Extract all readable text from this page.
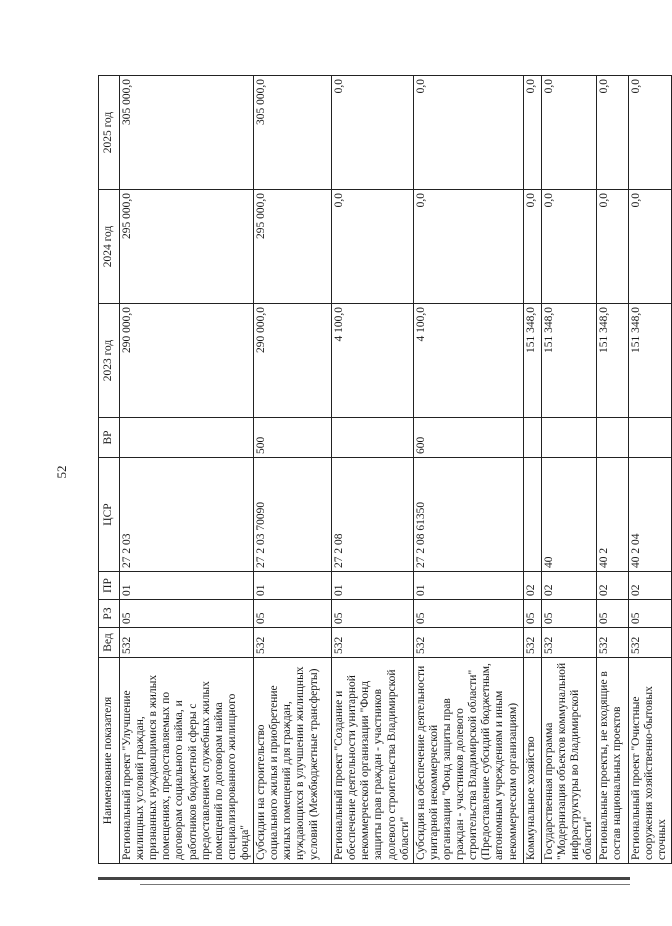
52
Наименование показателя	Вед	РЗ	ПР	ЦСР	ВР	2023 год	2024 год	2025 год
Региональный проект "Улучшение жилищных условий граждан, признанных нуждающимися в жилых помещениях, предоставляемых по договорам социального найма, и работников бюджетной сферы с предоставлением служебных жилых помещений по договорам найма специализированного жилищного фонда"	532	05	01	27 2 03		290 000,0	295 000,0	305 000,0
Субсидии на строительство социального жилья и приобретение жилых помещений для граждан, нуждающихся в улучшении жилищных условий (Межбюджетные трансферты)	532	05	01	27 2 03 70090	500	290 000,0	295 000,0	305 000,0
Региональный проект "Создание и обеспечение деятельности унитарной некоммерческой организации "Фонд защиты прав граждан - участников долевого строительства Владимирской области"	532	05	01	27 2 08		4 100,0	0,0	0,0
Субсидия на обеспечение деятельности унитарной некоммерческой организации "Фонд защиты прав граждан - участников долевого строительства Владимирской области" (Предоставление субсидий бюджетным, автономным учреждениям и иным некоммерческим организациям)	532	05	01	27 2 08 61350	600	4 100,0	0,0	0,0
Коммунальное хозяйство	532	05	02			151 348,0	0,0	0,0
Государственная программа "Модернизация объектов коммунальной инфраструктуры во Владимирской области"	532	05	02	40		151 348,0	0,0	0,0
Региональные проекты, не входящие в состав национальных проектов	532	05	02	40 2		151 348,0	0,0	0,0
Региональный проект "Очистные сооружения хозяйственно-бытовых сточных	532	05	02	40 2 04		151 348,0	0,0	0,0
